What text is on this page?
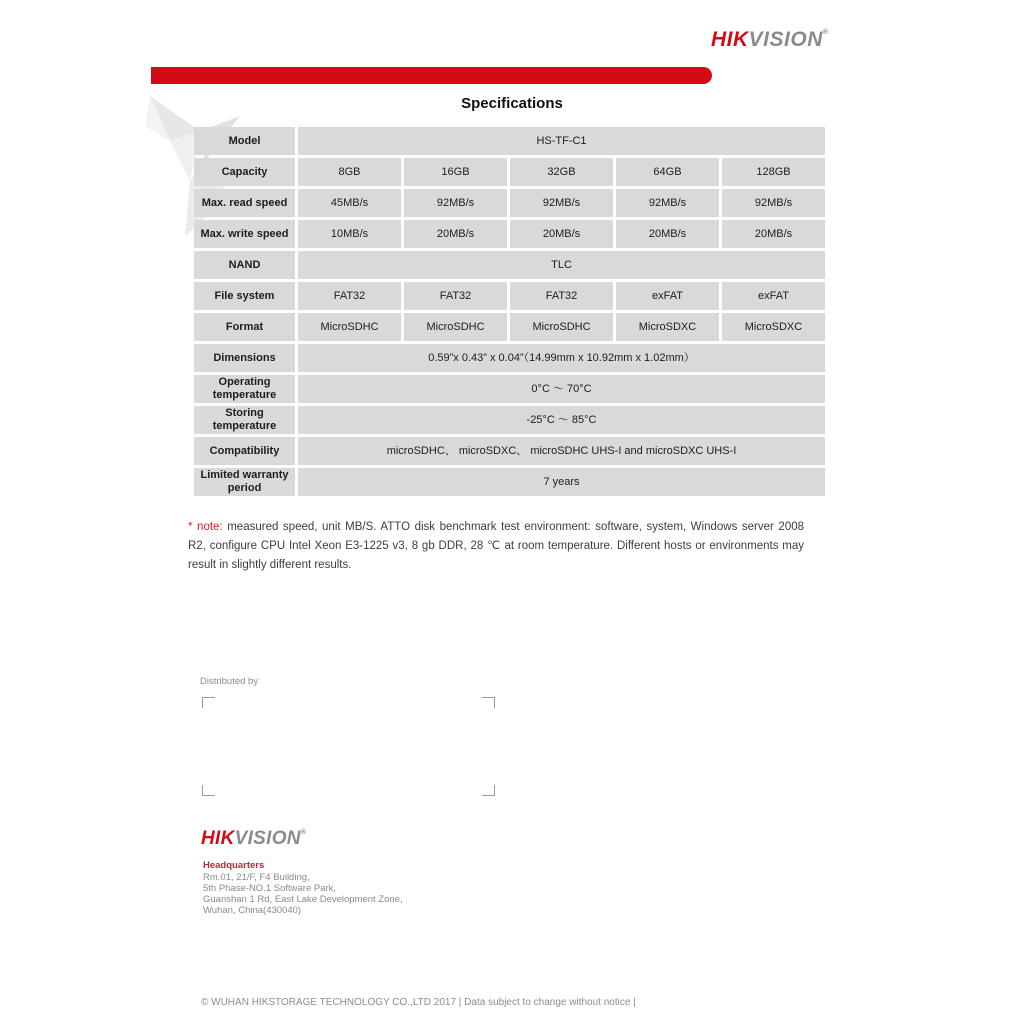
HIKVISION®
Specifications
Model	HS-TF-C1				
Capacity	8GB	16GB	32GB	64GB	128GB
Max. read speed	45MB/s	92MB/s	92MB/s	92MB/s	92MB/s
Max. write speed	10MB/s	20MB/s	20MB/s	20MB/s	20MB/s
NAND	TLC				
File system	FAT32	FAT32	FAT32	exFAT	exFAT
Format	MicroSDHC	MicroSDHC	MicroSDHC	MicroSDXC	MicroSDXC
Dimensions	0.59”x 0.43” x 0.04”（14.99mm x 10.92mm x 1.02mm）				
Operating temperature	0°C ～ 70°C				
Storing temperature	-25°C ～ 85°C				
Compatibility	microSDHC、 microSDXC、 microSDHC UHS-I and microSDXC UHS-I				
Limited warranty period	7 years				

* note: measured speed, unit MB/S. ATTO disk benchmark test environment: software, system, Windows server 2008 R2, configure CPU Intel Xeon E3-1225 v3, 8 gb DDR, 28 ℃ at room temperature. Different hosts or environments may result in slightly different results.

Distributed by
HIKVISION®
Headquarters
Rm.01, 21/F, F4 Building,
5th Phase-NO.1 Software Park,
Guanshan 1 Rd, East Lake Development Zone,
Wuhan, China(430040)
© WUHAN HIKSTORAGE TECHNOLOGY CO.,LTD 2017 | Data subject to change without notice |
